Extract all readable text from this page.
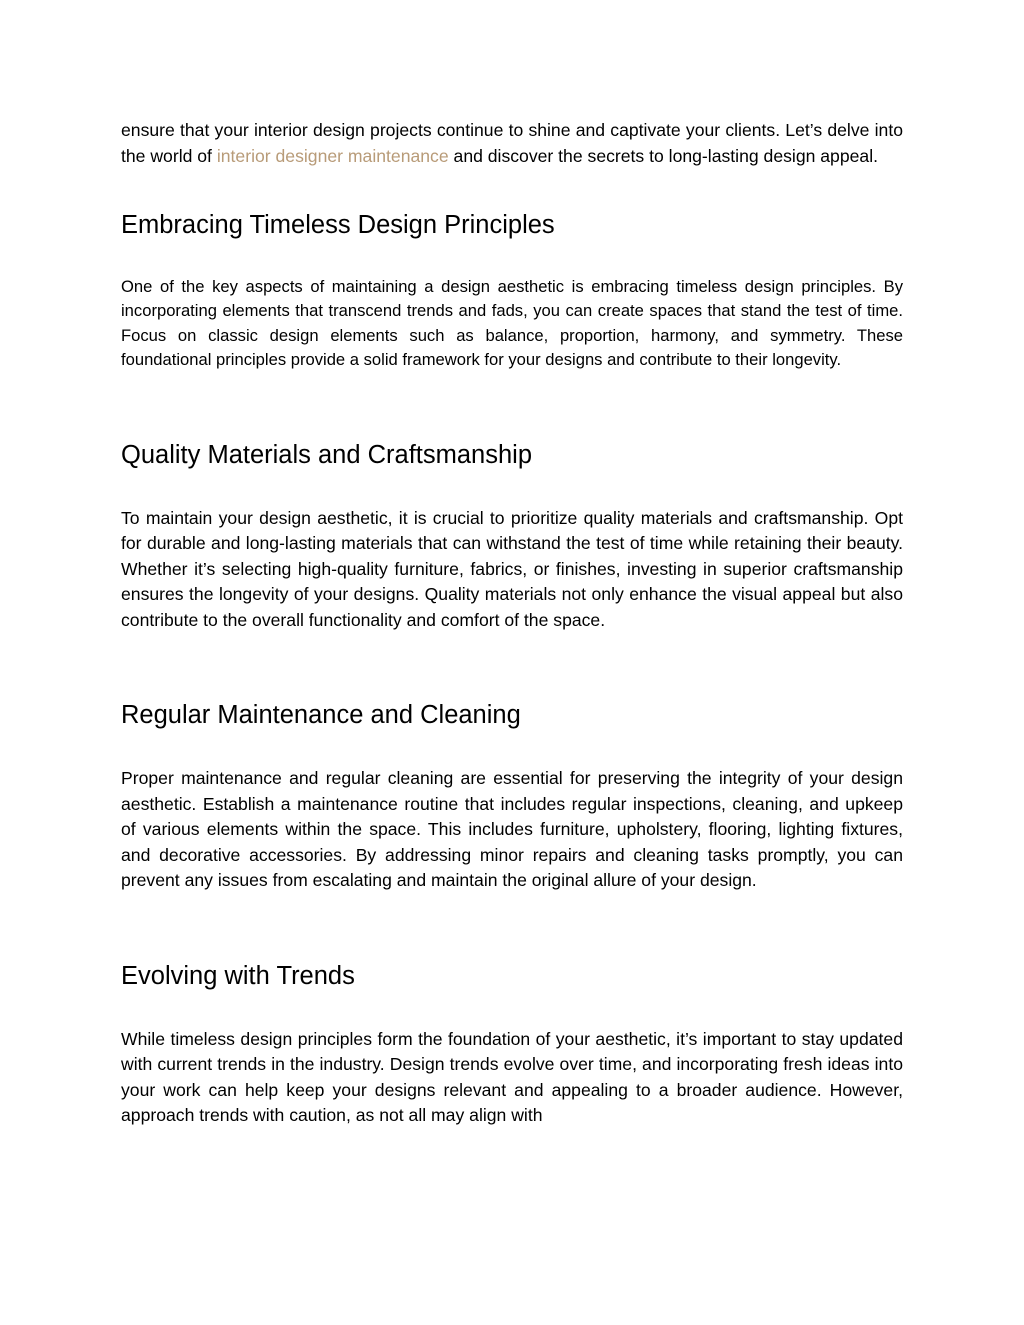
ensure that your interior design projects continue to shine and captivate your clients. Let’s delve into the world of interior designer maintenance and discover the secrets to long-lasting design appeal.

Embracing Timeless Design Principles

One of the key aspects of maintaining a design aesthetic is embracing timeless design principles. By incorporating elements that transcend trends and fads, you can create spaces that stand the test of time. Focus on classic design elements such as balance, proportion, harmony, and symmetry. These foundational principles provide a solid framework for your designs and contribute to their longevity.

Quality Materials and Craftsmanship

To maintain your design aesthetic, it is crucial to prioritize quality materials and craftsmanship. Opt for durable and long-lasting materials that can withstand the test of time while retaining their beauty. Whether it’s selecting high-quality furniture, fabrics, or finishes, investing in superior craftsmanship ensures the longevity of your designs. Quality materials not only enhance the visual appeal but also contribute to the overall functionality and comfort of the space.

Regular Maintenance and Cleaning

Proper maintenance and regular cleaning are essential for preserving the integrity of your design aesthetic. Establish a maintenance routine that includes regular inspections, cleaning, and upkeep of various elements within the space. This includes furniture, upholstery, flooring, lighting fixtures, and decorative accessories. By addressing minor repairs and cleaning tasks promptly, you can prevent any issues from escalating and maintain the original allure of your design.

Evolving with Trends

While timeless design principles form the foundation of your aesthetic, it’s important to stay updated with current trends in the industry. Design trends evolve over time, and incorporating fresh ideas into your work can help keep your designs relevant and appealing to a broader audience. However, approach trends with caution, as not all may align with
